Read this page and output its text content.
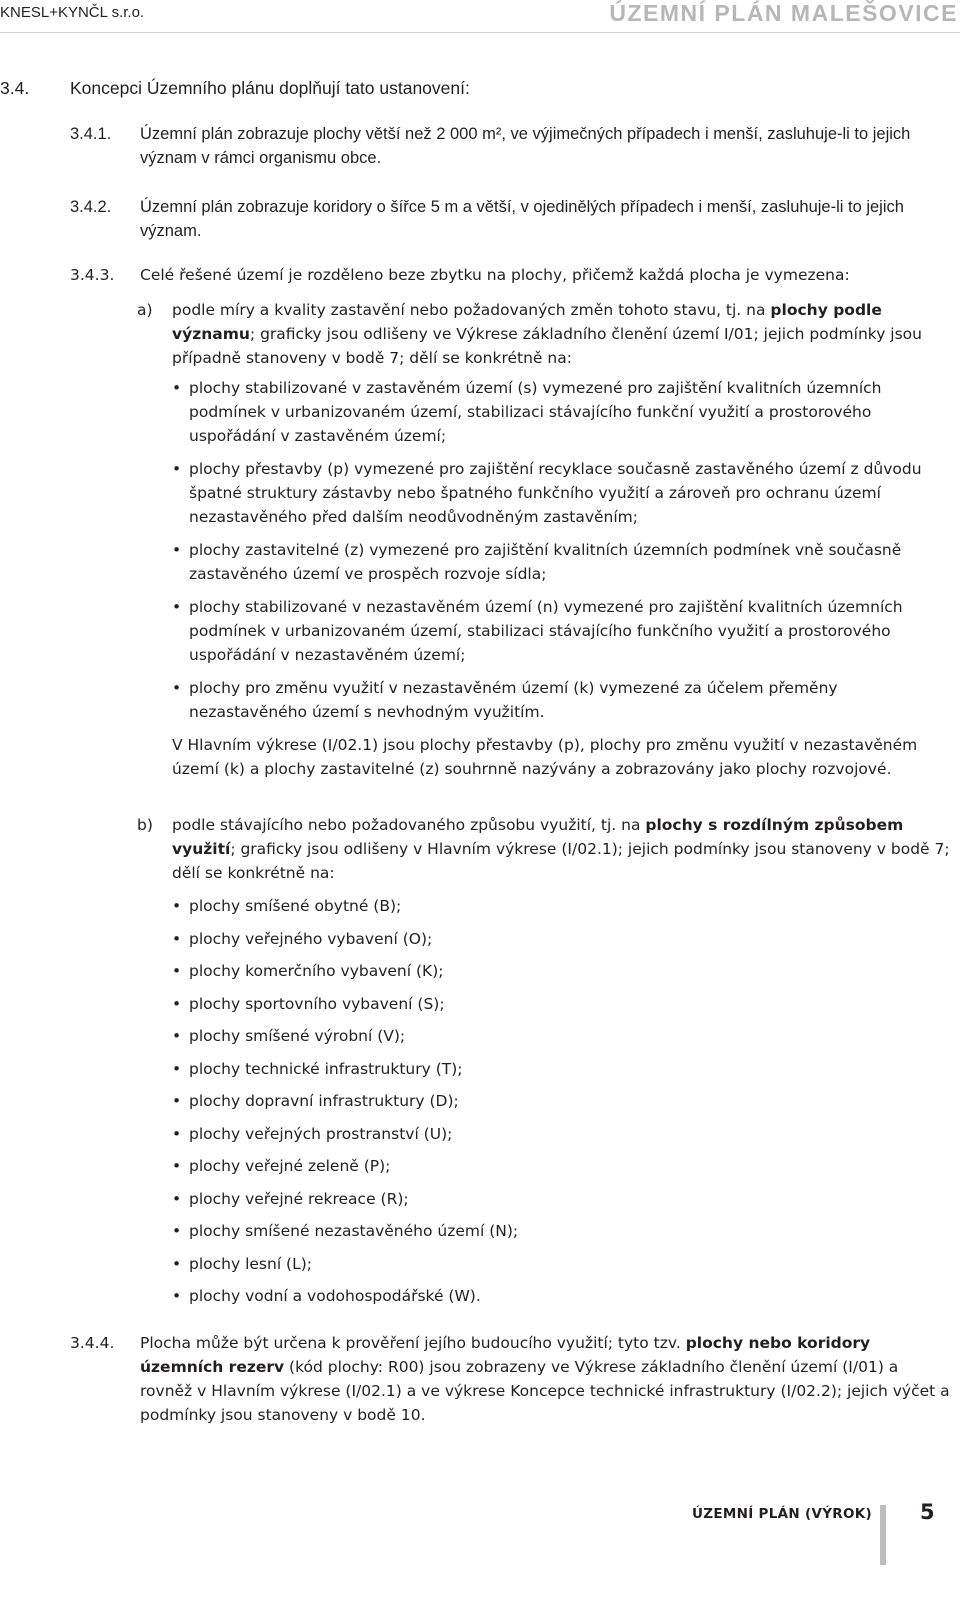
KNESL+KYNČL s.r.o.	ÚZEMNÍ PLÁN MALEŠOVICE
3.4. Koncepci Územního plánu doplňují tato ustanovení:
3.4.1. Územní plán zobrazuje plochy větší než 2 000 m², ve výjimečných případech i menší, zasluhuje-li to jejich význam v rámci organismu obce.
3.4.2. Územní plán zobrazuje koridory o šířce 5 m a větší, v ojedinělých případech i menší, zasluhuje-li to jejich význam.
3.4.3. Celé řešené území je rozděleno beze zbytku na plochy, přičemž každá plocha je vymezena:
a) podle míry a kvality zastavění nebo požadovaných změn tohoto stavu, tj. na plochy podle významu; graficky jsou odlišeny ve Výkrese základního členění území I/01; jejich podmínky jsou případně stanoveny v bodě 7; dělí se konkrétně na:
• plochy stabilizované v zastavěném území (s) vymezené pro zajištění kvalitních územních podmínek v urbanizovaném území, stabilizaci stávajícího funkční využití a prostorového uspořádání v zastavěném území;
• plochy přestavby (p) vymezené pro zajištění recyklace současně zastavěného území z důvodu špatné struktury zástavby nebo špatného funkčního využití a zároveň pro ochranu území nezastavěného před dalším neodůvodněným zastavěním;
• plochy zastavitelné (z) vymezené pro zajištění kvalitních územních podmínek vně současně zastavěného území ve prospěch rozvoje sídla;
• plochy stabilizované v nezastavěném území (n) vymezené pro zajištění kvalitních územních podmínek v urbanizovaném území, stabilizaci stávajícího funkčního využití a prostorového uspořádání v nezastavěném území;
• plochy pro změnu využití v nezastavěném území (k) vymezené za účelem přeměny nezastavěného území s nevhodným využitím.
V Hlavním výkrese (I/02.1) jsou plochy přestavby (p), plochy pro změnu využití v nezastavěném území (k) a plochy zastavitelné (z) souhrnně nazývány a zobrazovány jako plochy rozvojové.
b) podle stávajícího nebo požadovaného způsobu využití, tj. na plochy s rozdílným způsobem využití; graficky jsou odlišeny v Hlavním výkrese (I/02.1); jejich podmínky jsou stanoveny v bodě 7; dělí se konkrétně na:
• plochy smíšené obytné (B);
• plochy veřejného vybavení (O);
• plochy komerčního vybavení (K);
• plochy sportovního vybavení (S);
• plochy smíšené výrobní (V);
• plochy technické infrastruktury (T);
• plochy dopravní infrastruktury (D);
• plochy veřejných prostranství (U);
• plochy veřejné zeleně (P);
• plochy veřejné rekreace (R);
• plochy smíšené nezastavěného území (N);
• plochy lesní (L);
• plochy vodní a vodohospodářské (W).
3.4.4. Plocha může být určena k prověření jejího budoucího využití; tyto tzv. plochy nebo koridory územních rezerv (kód plochy: R00) jsou zobrazeny ve Výkrese základního členění území (I/01) a rovněž v Hlavním výkrese (I/02.1) a ve výkrese Koncepce technické infrastruktury (I/02.2); jejich výčet a podmínky jsou stanoveny v bodě 10.
ÚZEMNÍ PLÁN (VÝROK) 5
